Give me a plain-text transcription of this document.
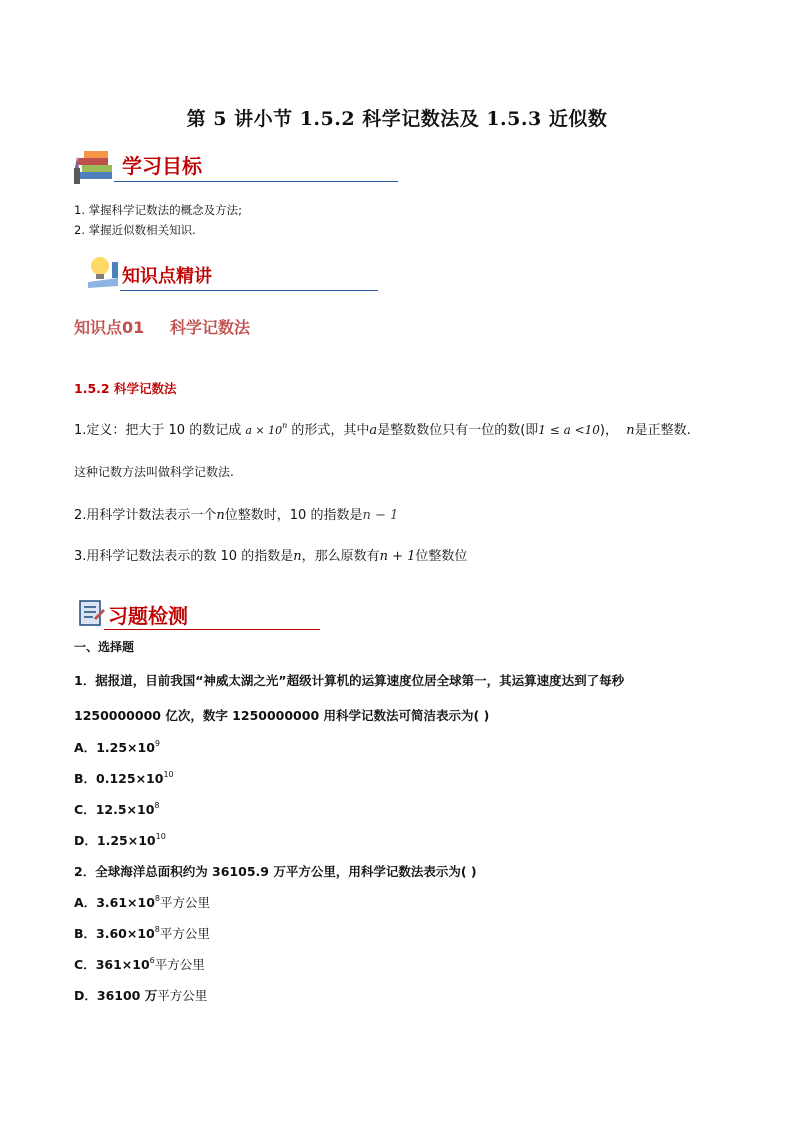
第 5 讲小节 1.5.2 科学记数法及 1.5.3 近似数
学习目标
1. 掌握科学记数法的概念及方法;
2. 掌握近似数相关知识.
知识点精讲
知识点01 科学记数法
1.5.2 科学记数法
1.定义：把大于 10 的数记成 $a \times 10^n$ 的形式，其中a是整数数位只有一位的数(即1 ≤ a <10)， n是正整数.
这种记数方法叫做科学记数法.
2.用科学计数法表示一个n位整数时，10 的指数是n − 1
3.用科学记数法表示的数 10 的指数是n，那么原数有n + 1位整数位
习题检测
一、选择题
1．据报道，目前我国“神威太湖之光”超级计算机的运算速度位居全球第一，其运算速度达到了每秒
1250000000 亿次，数字 1250000000 用科学记数法可简洁表示为( )
A．$1.25\times 10^9$
B．$0.125\times 10^{10}$
C．$12.5\times 10^8$
D．$1.25\times 10^{10}$
2．全球海洋总面积约为 36105.9 万平方公里，用科学记数法表示为( )
A．$3.61\times 10^8$平方公里
B．$3.60\times 10^8$平方公里
C．$361\times 10^6$平方公里
D．36100 万平方公里
